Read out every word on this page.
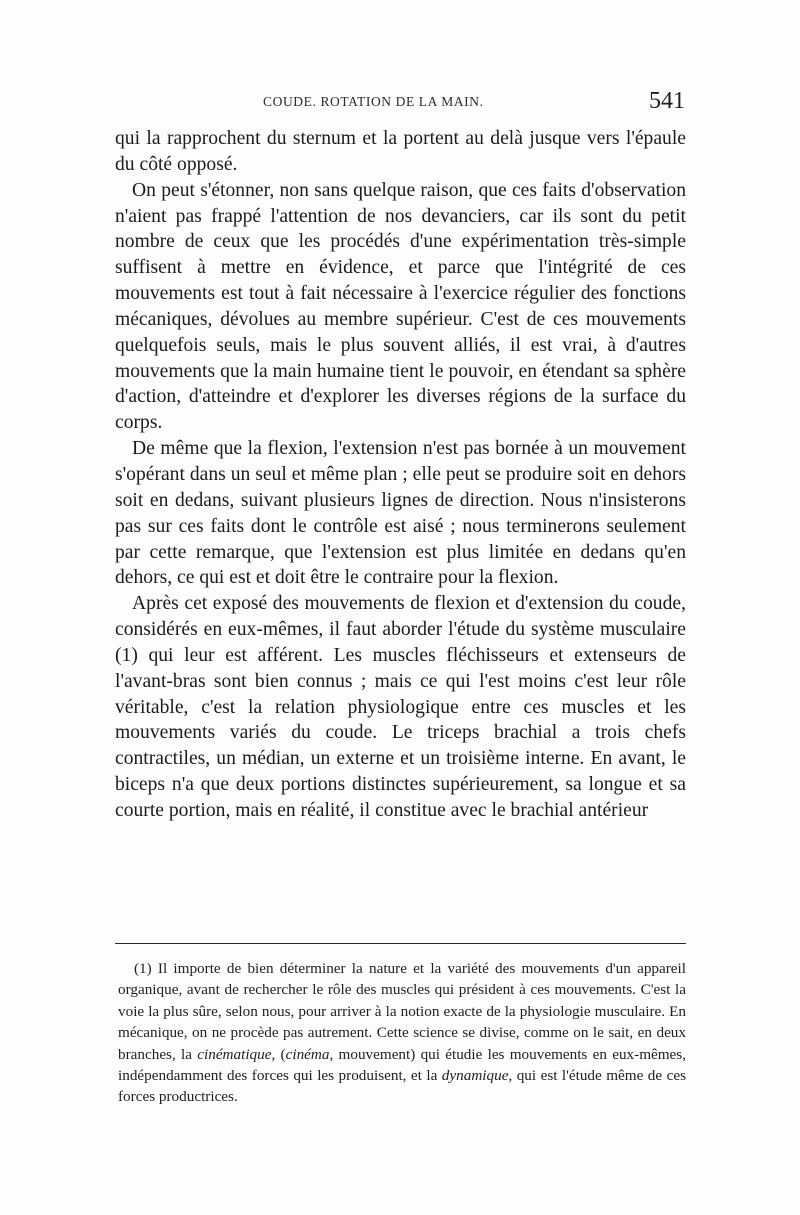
COUDE. ROTATION DE LA MAIN.	541

qui la rapprochent du sternum et la portent au delà jusque vers l'épaule du côté opposé.

On peut s'étonner, non sans quelque raison, que ces faits d'observation n'aient pas frappé l'attention de nos devanciers, car ils sont du petit nombre de ceux que les procédés d'une expérimentation très-simple suffisent à mettre en évidence, et parce que l'intégrité de ces mouvements est tout à fait nécessaire à l'exercice régulier des fonctions mécaniques, dévolues au membre supérieur. C'est de ces mouvements quelquefois seuls, mais le plus souvent alliés, il est vrai, à d'autres mouvements que la main humaine tient le pouvoir, en étendant sa sphère d'action, d'atteindre et d'explorer les diverses régions de la surface du corps.

De même que la flexion, l'extension n'est pas bornée à un mouvement s'opérant dans un seul et même plan ; elle peut se produire soit en dehors soit en dedans, suivant plusieurs lignes de direction. Nous n'insisterons pas sur ces faits dont le contrôle est aisé ; nous terminerons seulement par cette remarque, que l'extension est plus limitée en dedans qu'en dehors, ce qui est et doit être le contraire pour la flexion.

Après cet exposé des mouvements de flexion et d'extension du coude, considérés en eux-mêmes, il faut aborder l'étude du système musculaire (1) qui leur est afférent. Les muscles fléchisseurs et extenseurs de l'avant-bras sont bien connus ; mais ce qui l'est moins c'est leur rôle véritable, c'est la relation physiologique entre ces muscles et les mouvements variés du coude. Le triceps brachial a trois chefs contractiles, un médian, un externe et un troisième interne. En avant, le biceps n'a que deux portions distinctes supérieurement, sa longue et sa courte portion, mais en réalité, il constitue avec le brachial antérieur

(1) Il importe de bien déterminer la nature et la variété des mouvements d'un appareil organique, avant de rechercher le rôle des muscles qui président à ces mouvements. C'est la voie la plus sûre, selon nous, pour arriver à la notion exacte de la physiologie musculaire. En mécanique, on ne procède pas autrement. Cette science se divise, comme on le sait, en deux branches, la cinématique, (cinéma, mouvement) qui étudie les mouvements en eux-mêmes, indépendamment des forces qui les produisent, et la dynamique, qui est l'étude même de ces forces productrices.
